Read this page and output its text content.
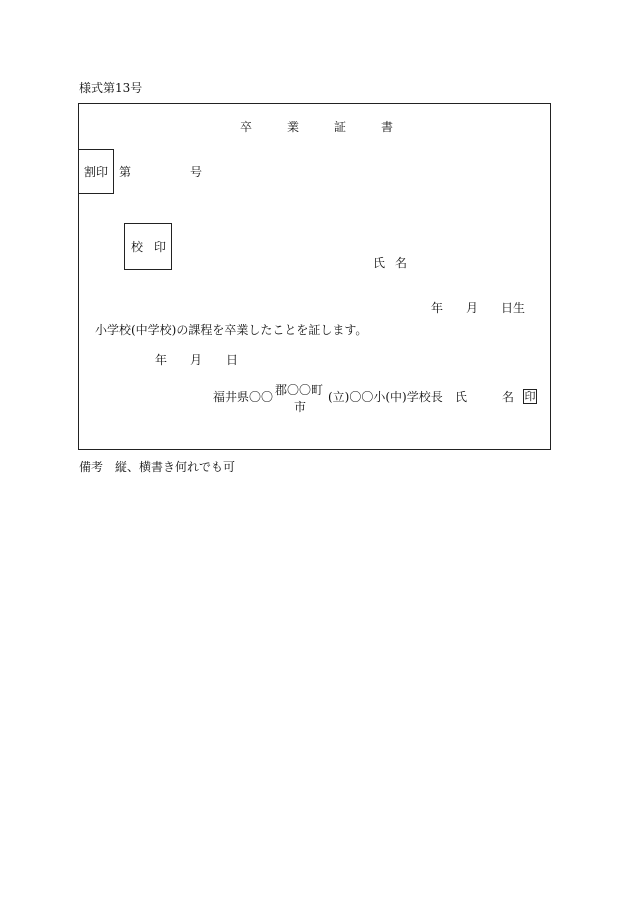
様式第13号
卒	業	証	書
割印 第	号
校 印
氏 名
年 月 日生
小学校(中学校)の課程を卒業したことを証します。
年 月 日
福井県〇〇 郡〇〇町
市
(立)〇〇小(中)学校長 氏	名 印
備考 縦、横書き何れでも可
